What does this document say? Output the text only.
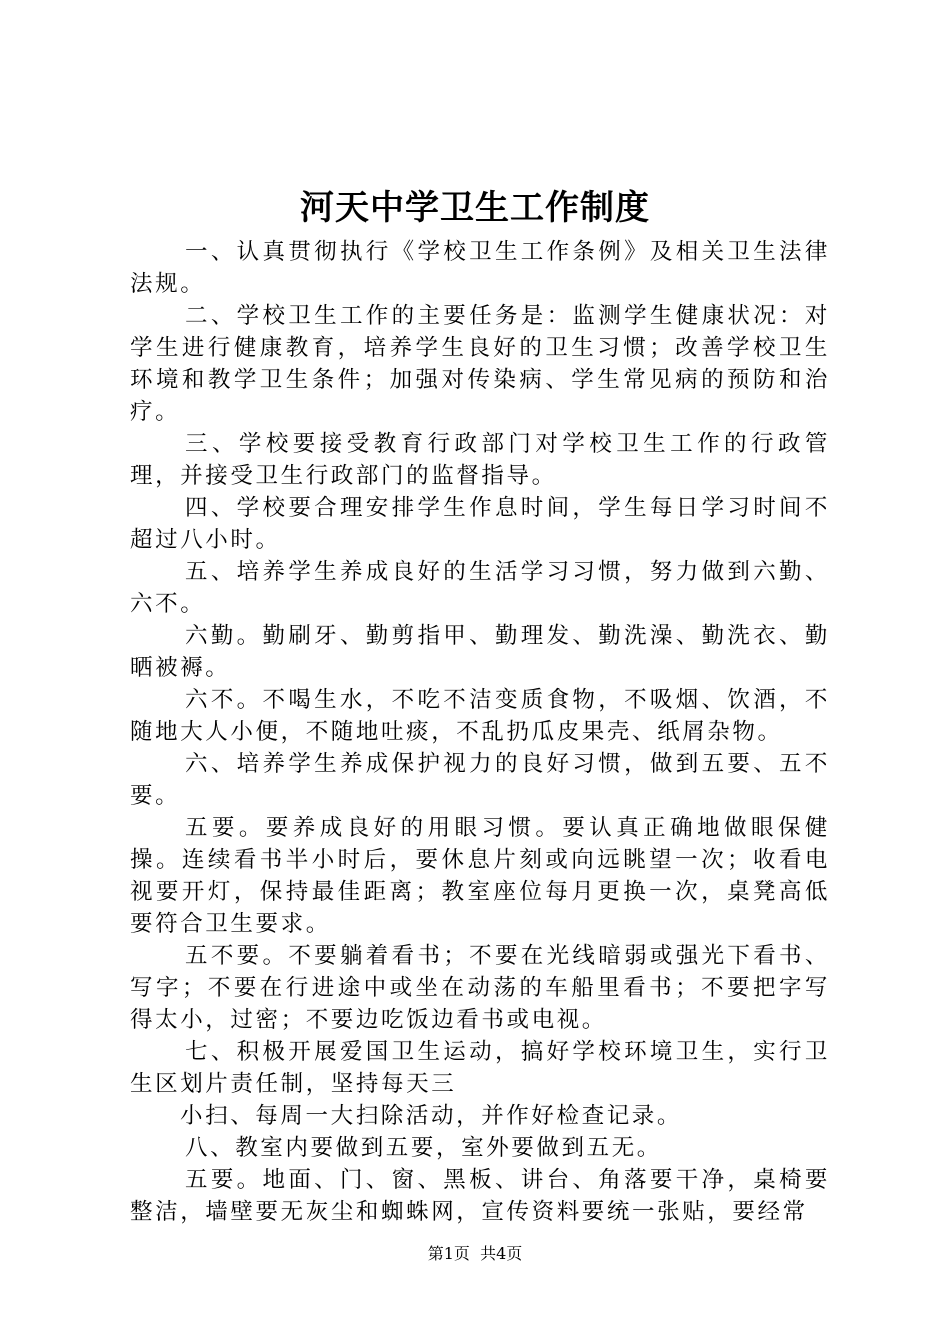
河天中学卫生工作制度

一、认真贯彻执行《学校卫生工作条例》及相关卫生法律法规。

二、学校卫生工作的主要任务是：监测学生健康状况：对学生进行健康教育，培养学生良好的卫生习惯；改善学校卫生环境和教学卫生条件；加强对传染病、学生常见病的预防和治疗。

三、学校要接受教育行政部门对学校卫生工作的行政管理，并接受卫生行政部门的监督指导。

四、学校要合理安排学生作息时间，学生每日学习时间不超过八小时。

五、培养学生养成良好的生活学习习惯，努力做到六勤、六不。

六勤。勤刷牙、勤剪指甲、勤理发、勤洗澡、勤洗衣、勤晒被褥。

六不。不喝生水，不吃不洁变质食物，不吸烟、饮酒，不随地大人小便，不随地吐痰，不乱扔瓜皮果壳、纸屑杂物。

六、培养学生养成保护视力的良好习惯，做到五要、五不要。

五要。要养成良好的用眼习惯。要认真正确地做眼保健操。连续看书半小时后，要休息片刻或向远眺望一次；收看电视要开灯，保持最佳距离；教室座位每月更换一次，桌凳高低要符合卫生要求。

五不要。不要躺着看书；不要在光线暗弱或强光下看书、写字；不要在行进途中或坐在动荡的车船里看书；不要把字写得太小，过密；不要边吃饭边看书或电视。

七、积极开展爱国卫生运动，搞好学校环境卫生，实行卫生区划片责任制，坚持每天三

小扫、每周一大扫除活动，并作好检查记录。

八、教室内要做到五要，室外要做到五无。

五要。地面、门、窗、黑板、讲台、角落要干净，桌椅要整洁，墙壁要无灰尘和蜘蛛网，宣传资料要统一张贴，要经常

第1页  共4页
